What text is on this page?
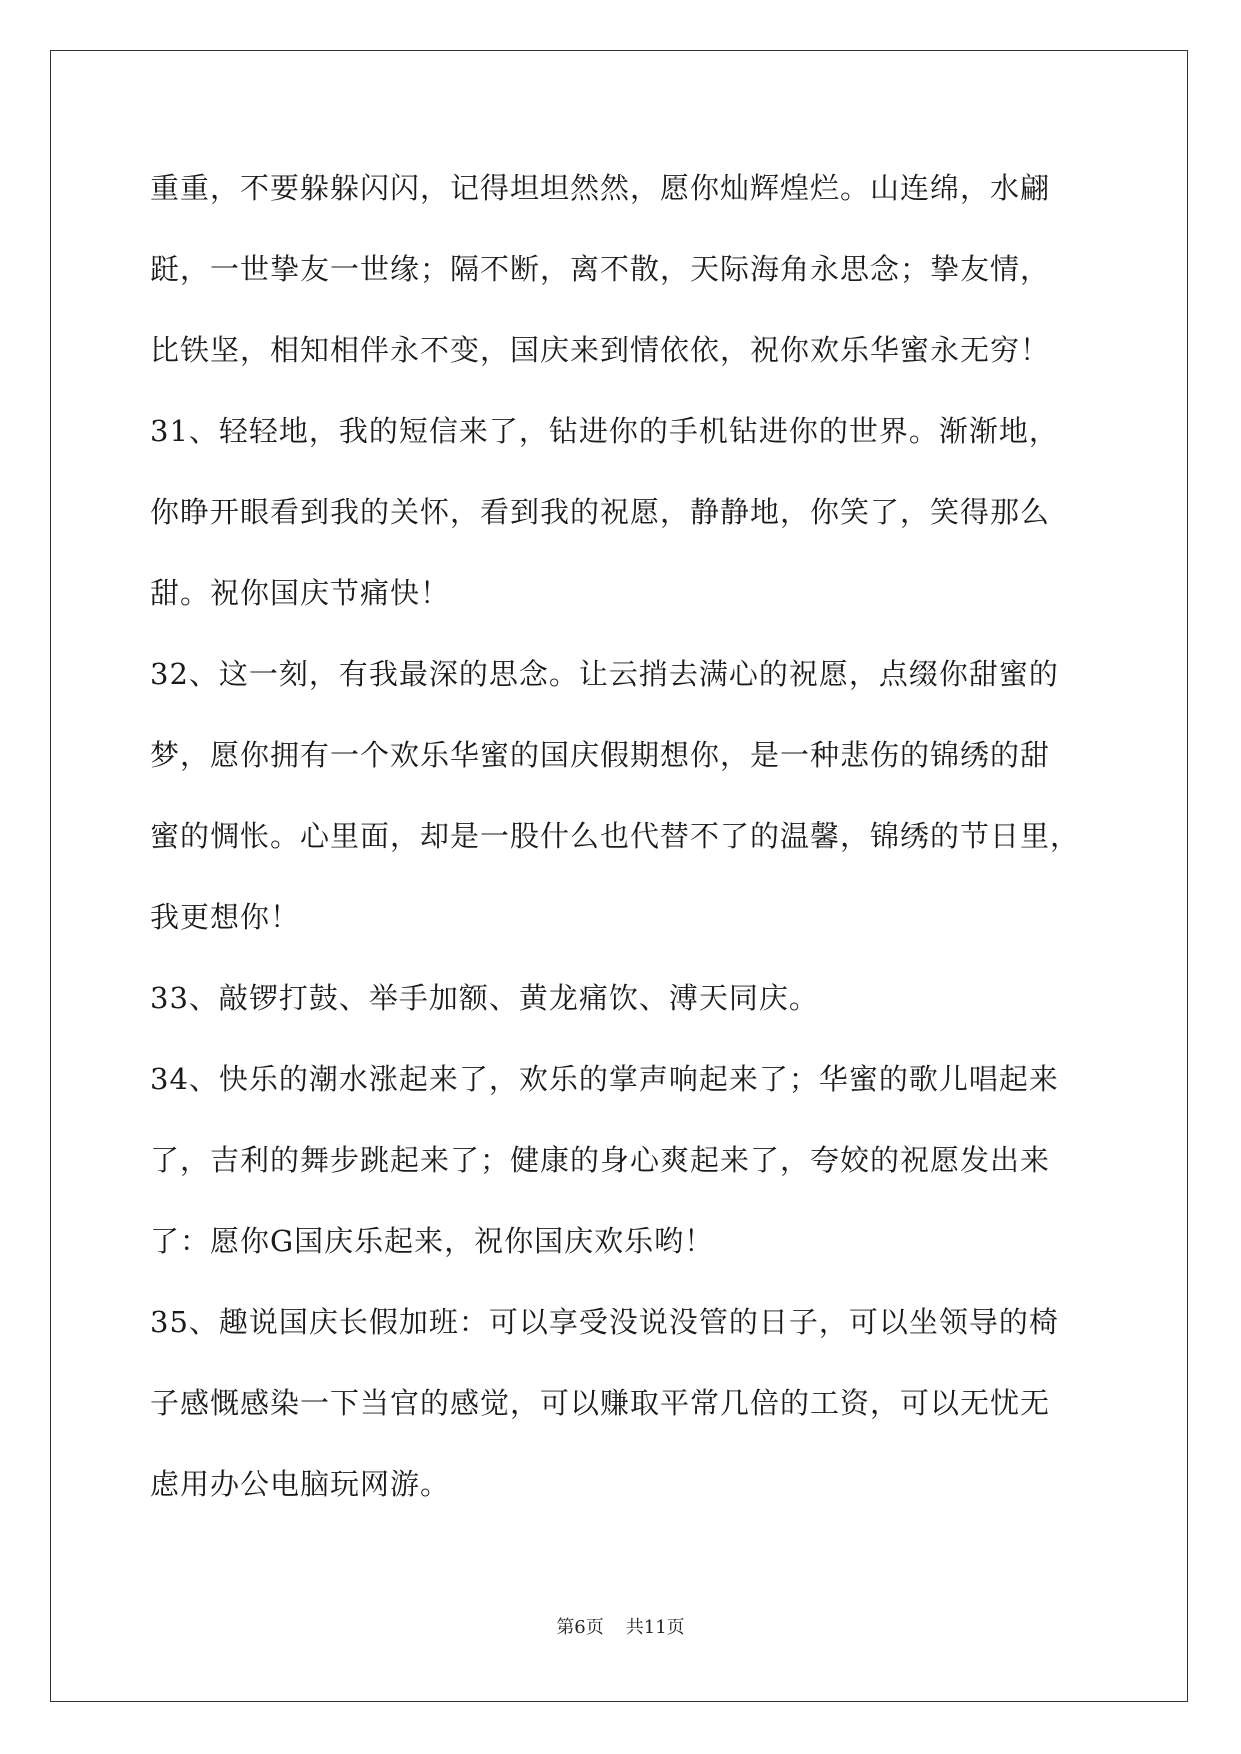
重重，不要躲躲闪闪，记得坦坦然然，愿你灿辉煌烂。山连绵，水翩
跹，一世挚友一世缘；隔不断，离不散，天际海角永思念；挚友情，
比铁坚，相知相伴永不变，国庆来到情依依，祝你欢乐华蜜永无穷！
31、轻轻地，我的短信来了，钻进你的手机钻进你的世界。渐渐地，
你睁开眼看到我的关怀，看到我的祝愿，静静地，你笑了，笑得那么
甜。祝你国庆节痛快！
32、这一刻，有我最深的思念。让云捎去满心的祝愿，点缀你甜蜜的
梦，愿你拥有一个欢乐华蜜的国庆假期想你，是一种悲伤的锦绣的甜
蜜的惆怅。心里面，却是一股什么也代替不了的温馨，锦绣的节日里，
我更想你！
33、敲锣打鼓、举手加额、黄龙痛饮、溥天同庆。
34、快乐的潮水涨起来了，欢乐的掌声响起来了；华蜜的歌儿唱起来
了，吉利的舞步跳起来了；健康的身心爽起来了，夸姣的祝愿发出来
了：愿你G国庆乐起来，祝你国庆欢乐哟！
35、趣说国庆长假加班：可以享受没说没管的日子，可以坐领导的椅
子感慨感染一下当官的感觉，可以赚取平常几倍的工资，可以无忧无
虑用办公电脑玩网游。
第6页 共11页
